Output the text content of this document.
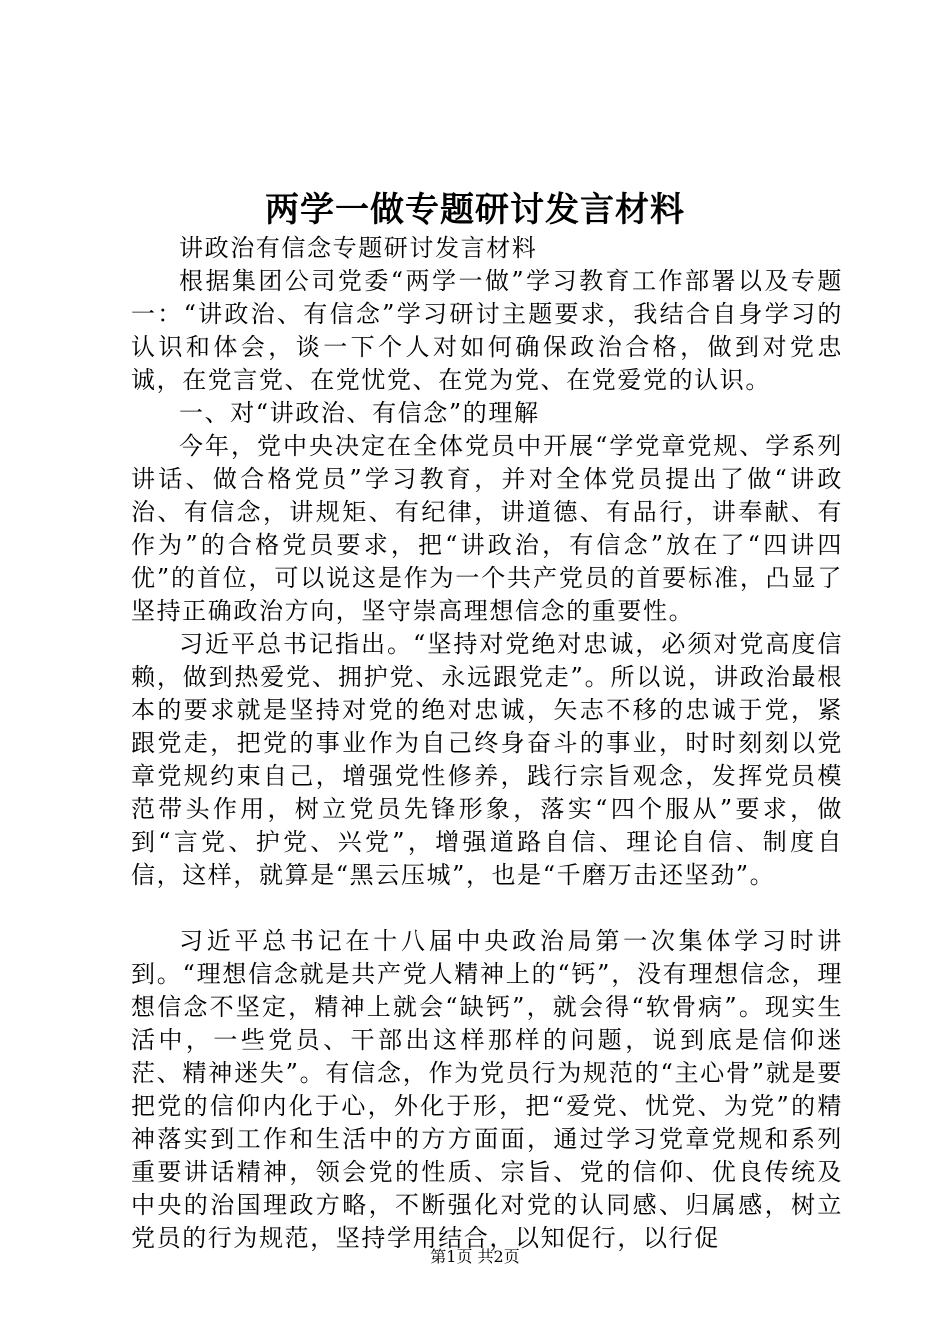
两学一做专题研讨发言材料

讲政治有信念专题研讨发言材料

根据集团公司党委“两学一做”学习教育工作部署以及专题一：“讲政治、有信念”学习研讨主题要求，我结合自身学习的认识和体会，谈一下个人对如何确保政治合格，做到对党忠诚，在党言党、在党忧党、在党为党、在党爱党的认识。

一、对“讲政治、有信念”的理解

今年，党中央决定在全体党员中开展“学党章党规、学系列讲话、做合格党员”学习教育，并对全体党员提出了做“讲政治、有信念，讲规矩、有纪律，讲道德、有品行，讲奉献、有作为”的合格党员要求，把“讲政治，有信念”放在了“四讲四优”的首位，可以说这是作为一个共产党员的首要标准，凸显了坚持正确政治方向，坚守崇高理想信念的重要性。

习近平总书记指出。“坚持对党绝对忠诚，必须对党高度信赖，做到热爱党、拥护党、永远跟党走”。所以说，讲政治最根本的要求就是坚持对党的绝对忠诚，矢志不移的忠诚于党，紧跟党走，把党的事业作为自己终身奋斗的事业，时时刻刻以党章党规约束自己，增强党性修养，践行宗旨观念，发挥党员模范带头作用，树立党员先锋形象，落实“四个服从”要求，做到“言党、护党、兴党”，增强道路自信、理论自信、制度自信，这样，就算是“黑云压城”，也是“千磨万击还坚劲”。

习近平总书记在十八届中央政治局第一次集体学习时讲到。“理想信念就是共产党人精神上的“钙”，没有理想信念，理想信念不坚定，精神上就会“缺钙”，就会得“软骨病”。现实生活中，一些党员、干部出这样那样的问题，说到底是信仰迷茫、精神迷失”。有信念，作为党员行为规范的“主心骨”就是要把党的信仰内化于心，外化于形，把“爱党、忧党、为党”的精神落实到工作和生活中的方方面面，通过学习党章党规和系列重要讲话精神，领会党的性质、宗旨、党的信仰、优良传统及中央的治国理政方略，不断强化对党的认同感、归属感，树立党员的行为规范，坚持学用结合，以知促行，以行促

第1页 共2页
